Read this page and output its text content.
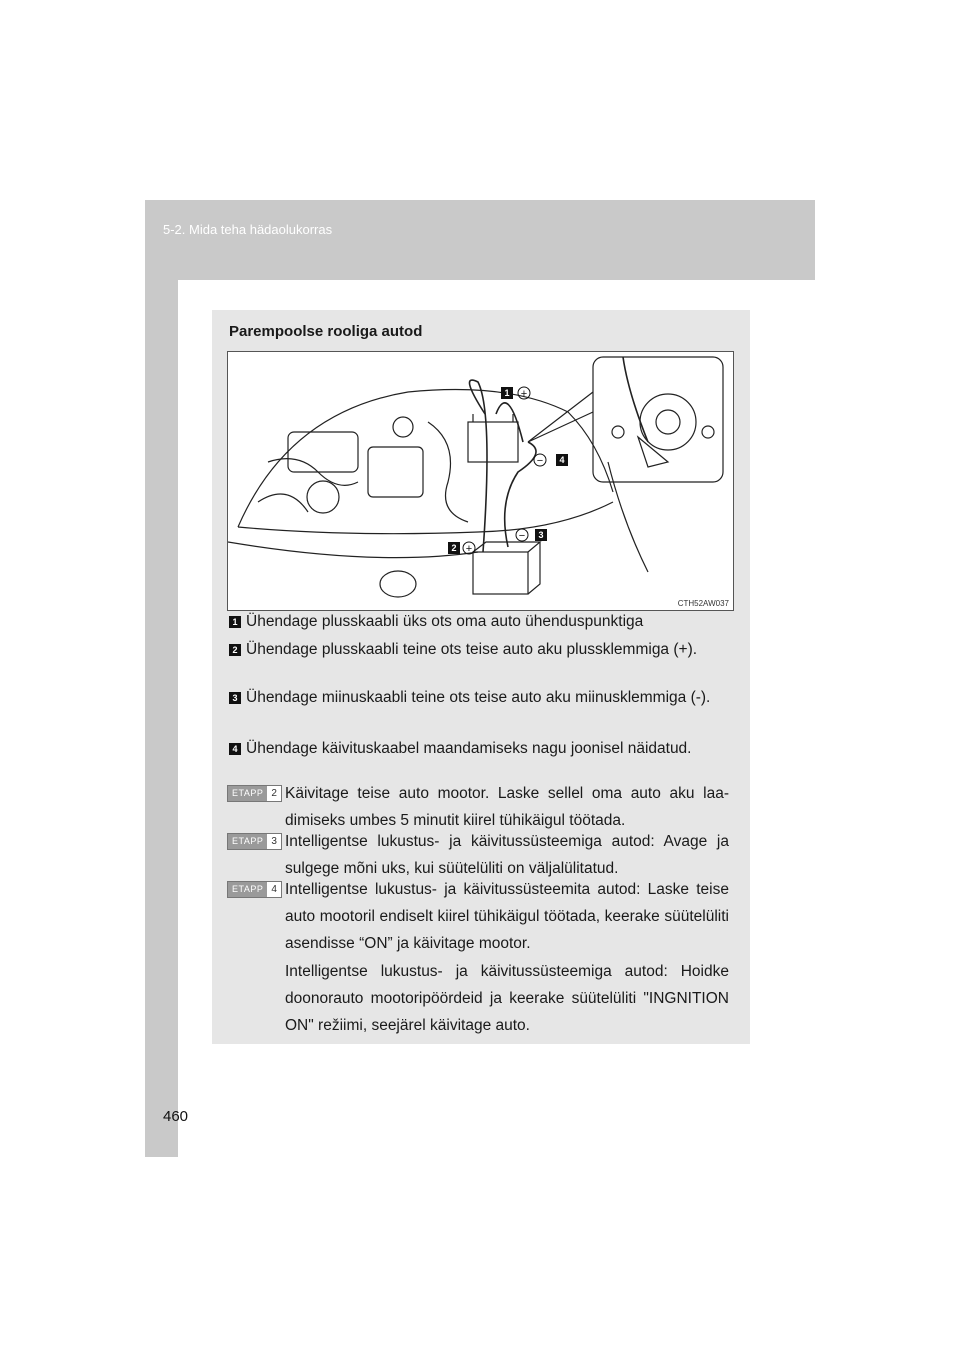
5-2. Mida teha hädaolukorras
460
Parempoolse rooliga autod
1
4
2
3
+
−
+
−
CTH52AW037
1 Ühendage plusskaabli üks ots oma auto ühenduspunktiga
2 Ühendage plusskaabli teine ots teise auto aku plussklemmiga (+).
3 Ühendage miinuskaabli teine ots teise auto aku miinusklemmiga (-).
4 Ühendage käivituskaabel maandamiseks nagu joonisel näidatud.
ETAPP 2 Käivitage teise auto mootor. Laske sellel oma auto aku laadimiseks umbes 5 minutit kiirel tühikäigul töötada.
ETAPP 3 Intelligentse lukustus- ja käivitussüsteemiga autod: Avage ja sulgege mõni uks, kui süütelüliti on väljalülitatud.
ETAPP 4 Intelligentse lukustus- ja käivitussüsteemita autod: Laske teise auto mootoril endiselt kiirel tühikäigul töötada, keerake süütelüliti asendisse “ON” ja käivitage mootor.
Intelligentse lukustus- ja käivitussüsteemiga autod: Hoidke doonorauto mootoripöördeid ja keerake süütelüliti "INGNITION ON" režiimi, seejärel käivitage auto.
